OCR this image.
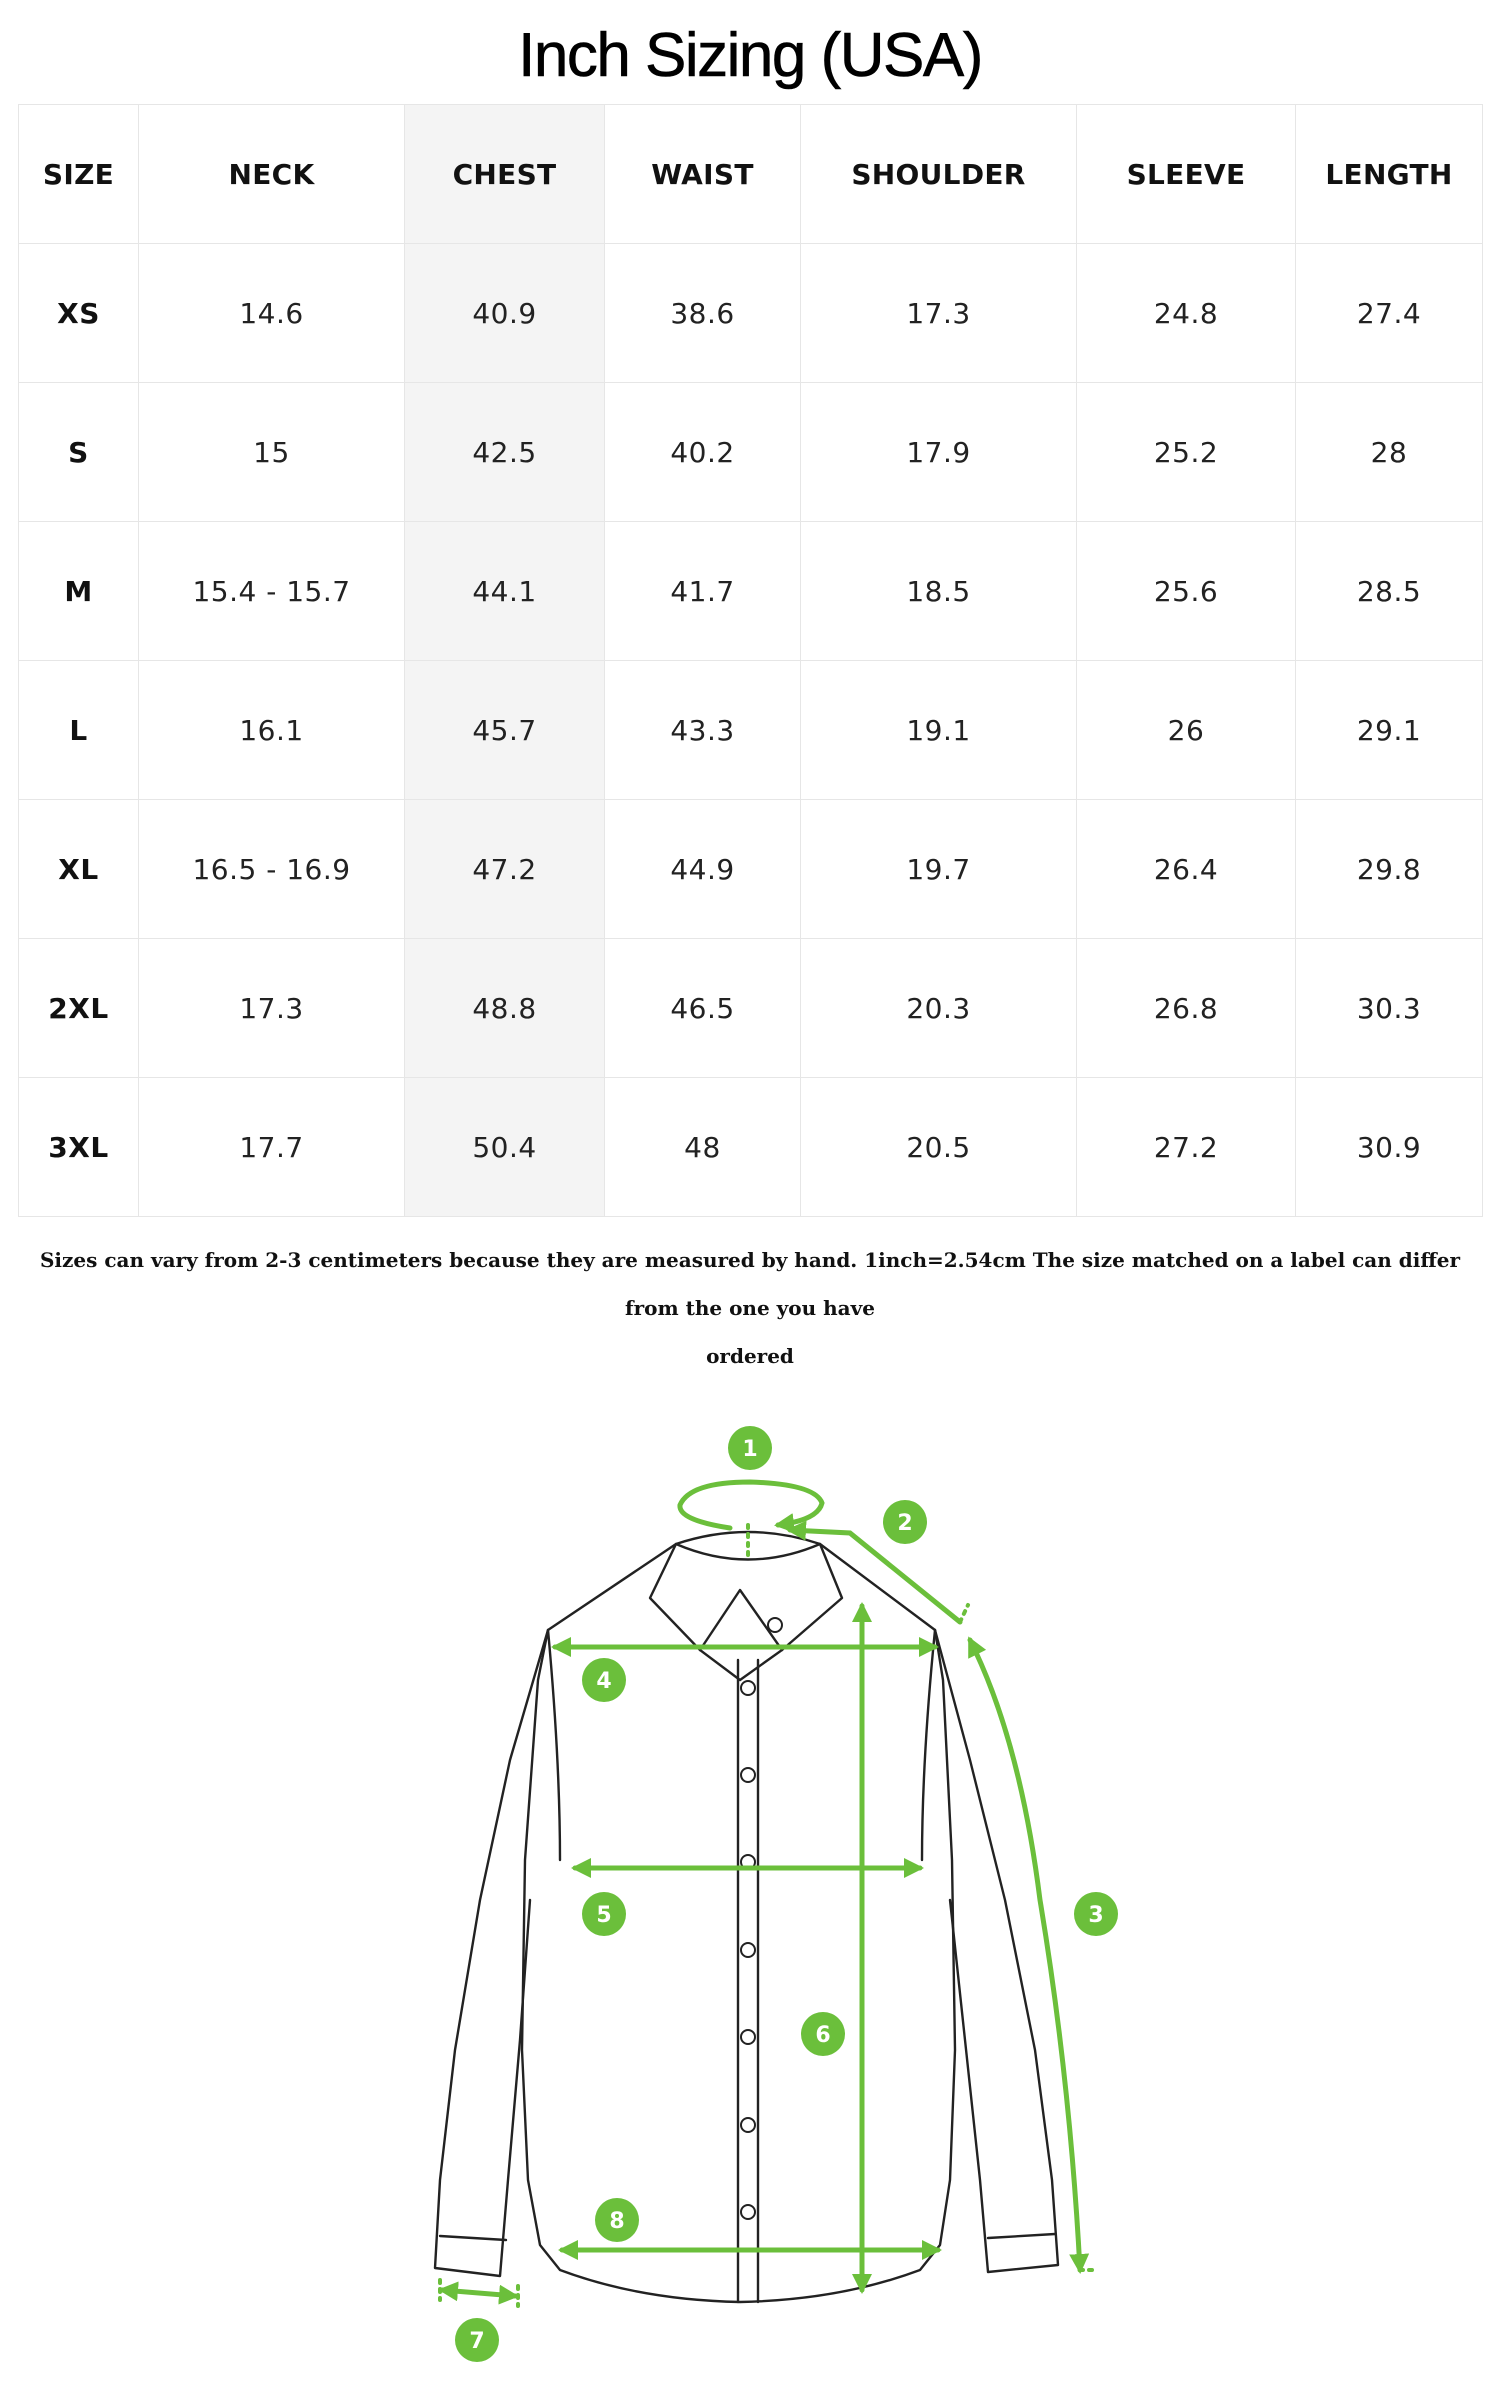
Inch Sizing (USA)
SIZE	NECK	CHEST	WAIST	SHOULDER	SLEEVE	LENGTH
XS	14.6	40.9	38.6	17.3	24.8	27.4
S	15	42.5	40.2	17.9	25.2	28
M	15.4 - 15.7	44.1	41.7	18.5	25.6	28.5
L	16.1	45.7	43.3	19.1	26	29.1
XL	16.5 - 16.9	47.2	44.9	19.7	26.4	29.8
2XL	17.3	48.8	46.5	20.3	26.8	30.3
3XL	17.7	50.4	48	20.5	27.2	30.9
Sizes can vary from 2-3 centimeters because they are measured by hand. 1inch=2.54cm The size matched on a label can differ from the one you have
ordered
1
2
3
4
5
6
7
8
